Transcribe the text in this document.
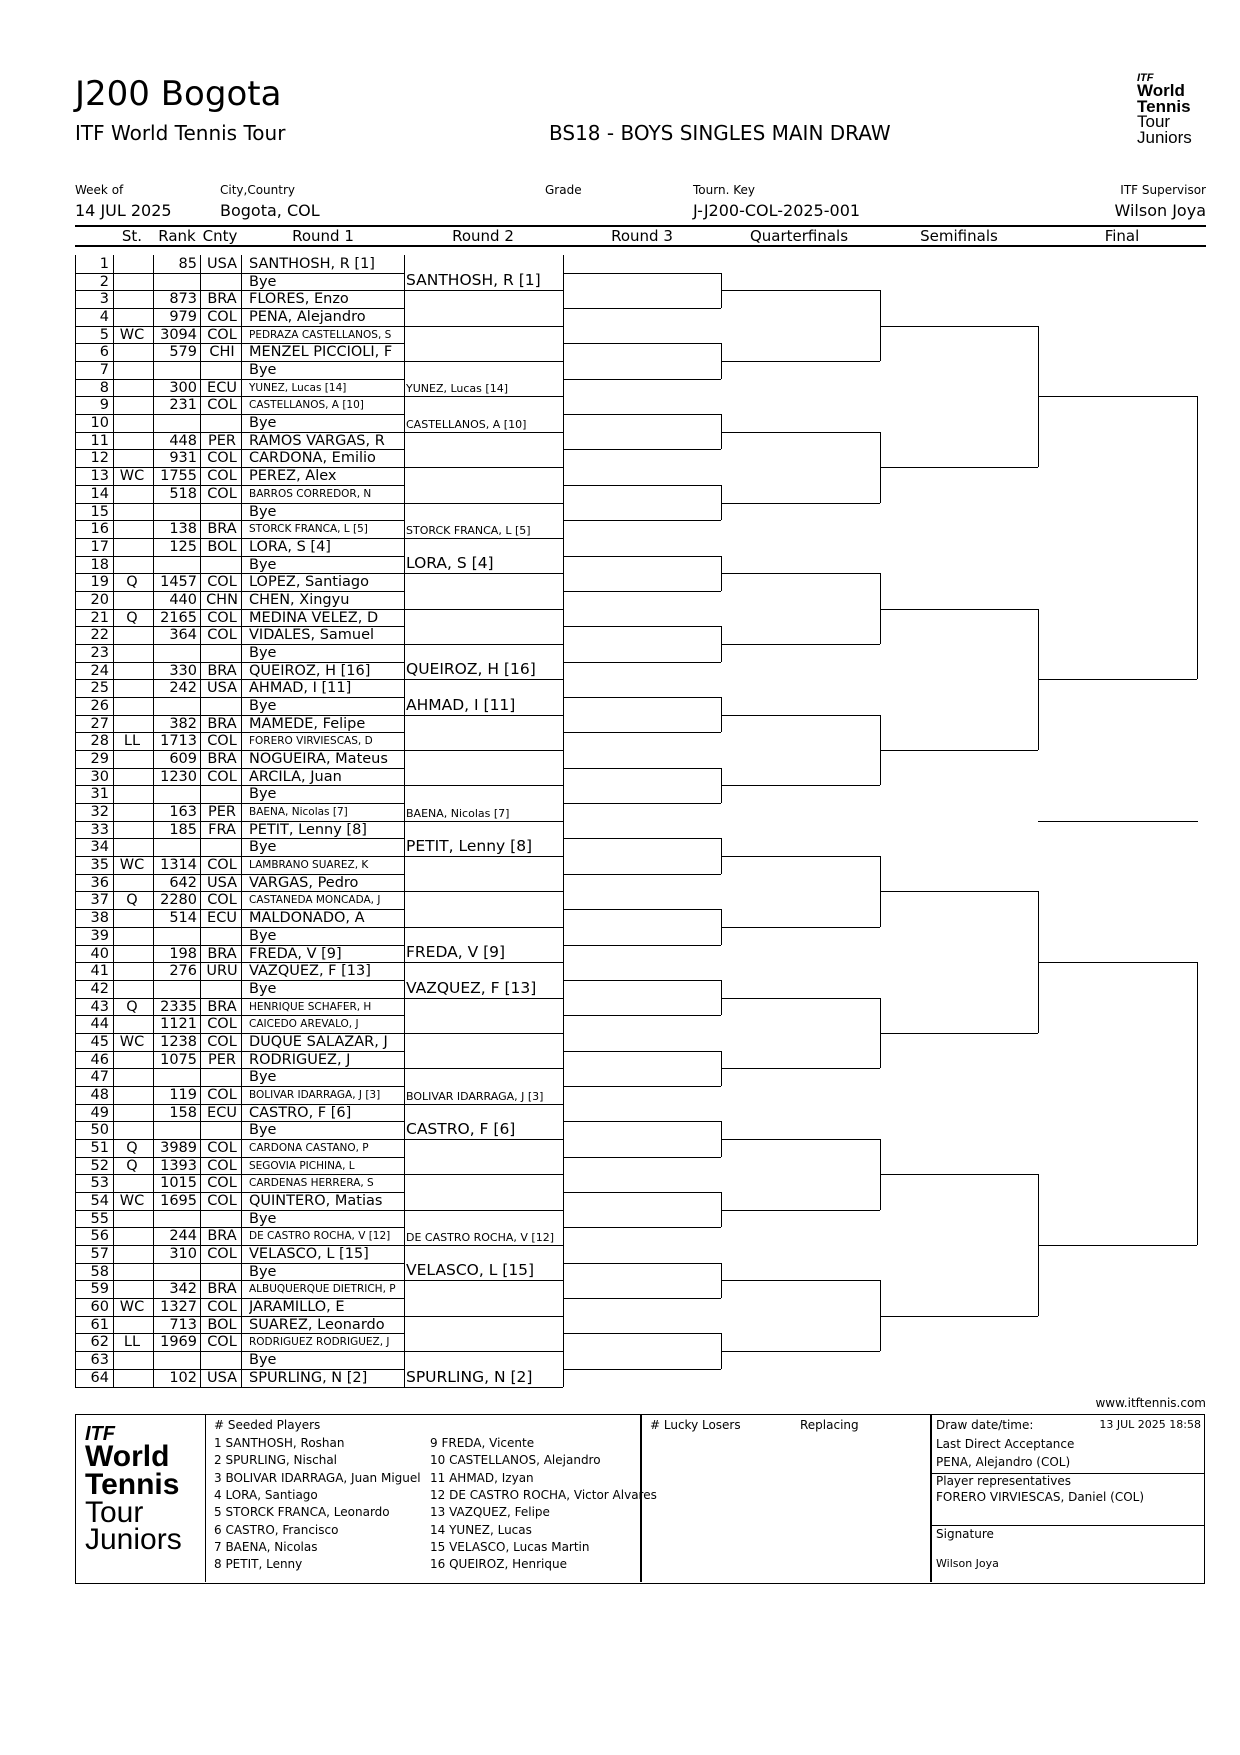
J200 Bogota
ITF World Tennis Tour	BS18 - BOYS SINGLES MAIN DRAW
ITF
World
Tennis
Tour
Juniors
Week of
14 JUL 2025
City,Country
Bogota, COL
Grade	Tourn. Key
J-J200-COL-2025-001
ITF Supervisor
Wilson Joya
St.	Rank Cnty	Round 1	Round 2	Round 3	Quarterfinals	Semifinals	Final
1	85 USA SANTHOSH, R [1]
2	Bye
3	873 BRA FLORES, Enzo
4	979 COL PENA, Alejandro
5 WC	3094 COL	PEDRAZA CASTELLANOS, S
6	579 CHI MENZEL PICCIOLI, F
7	Bye
8	300 ECU	YUNEZ, Lucas [14]
9	231 COL	CASTELLANOS, A [10]
10	Bye
11	448 PER RAMOS VARGAS, R
12	931 COL CARDONA, Emilio
13 WC	1755 COL PEREZ, Alex
14	518 COL	BARROS CORREDOR, N
15	Bye
16	138 BRA	STORCK FRANCA, L [5]
17	125 BOL LORA, S [4]
18	Bye
19	Q	1457 COL LOPEZ, Santiago
20	440 CHN CHEN, Xingyu
21	Q	2165 COL MEDINA VELEZ, D
22	364 COL VIDALES, Samuel
23	Bye
24	330 BRA QUEIROZ, H [16]
25	242 USA AHMAD, I [11]
26	Bye
27	382 BRA MAMEDE, Felipe
28	LL	1713 COL	FORERO VIRVIESCAS, D
29	609 BRA NOGUEIRA, Mateus
30	1230 COL ARCILA, Juan
31	Bye
32	163 PER	BAENA, Nicolas [7]
33	185 FRA PETIT, Lenny [8]
34	Bye
35 WC	1314 COL	LAMBRANO SUAREZ, K
36	642 USA VARGAS, Pedro
37	Q	2280 COL	CASTANEDA MONCADA, J
38	514 ECU MALDONADO, A
39	Bye
40	198 BRA FREDA, V [9]
41	276 URU VAZQUEZ, F [13]
42	Bye
43	Q	2335 BRA	HENRIQUE SCHAFER, H
44	1121 COL	CAICEDO AREVALO, J
45 WC	1238 COL DUQUE SALAZAR, J
46	1075 PER RODRIGUEZ, J
47	Bye
48	119 COL	BOLIVAR IDARRAGA, J [3]
49	158 ECU CASTRO, F [6]
50	Bye
51	Q	3989 COL	CARDONA CASTANO, P
52	Q	1393 COL	SEGOVIA PICHINA, L
53	1015 COL	CARDENAS HERRERA, S
54 WC	1695 COL QUINTERO, Matias
55	Bye
56	244 BRA	DE CASTRO ROCHA, V [12]
57	310 COL VELASCO, L [15]
58	Bye
59	342 BRA	ALBUQUERQUE DIETRICH, P
60 WC	1327 COL JARAMILLO, E
61	713 BOL SUAREZ, Leonardo
62	LL	1969 COL	RODRIGUEZ RODRIGUEZ, J
63	Bye
64	102 USA SPURLING, N [2]
SANTHOSH, R [1]
YUNEZ, Lucas [14]
CASTELLANOS, A [10]
STORCK FRANCA, L [5]
LORA, S [4]
QUEIROZ, H [16]
AHMAD, I [11]
BAENA, Nicolas [7]
PETIT, Lenny [8]
FREDA, V [9]
VAZQUEZ, F [13]
BOLIVAR IDARRAGA, J [3]
CASTRO, F [6]
DE CASTRO ROCHA, V [12]
VELASCO, L [15]
SPURLING, N [2]
www.itftennis.com
ITF
World
Tennis
Tour
Juniors
# Seeded Players
1 SANTHOSH, Roshan
2 SPURLING, Nischal
3 BOLIVAR IDARRAGA, Juan Miguel
4 LORA, Santiago
5 STORCK FRANCA, Leonardo
6 CASTRO, Francisco
7 BAENA, Nicolas
8 PETIT, Lenny
9 FREDA, Vicente
10 CASTELLANOS, Alejandro
11 AHMAD, Izyan
12 DE CASTRO ROCHA, Victor Alvares
13 VAZQUEZ, Felipe
14 YUNEZ, Lucas
15 VELASCO, Lucas Martin
16 QUEIROZ, Henrique
# Lucky Losers	Replacing	Draw date/time:	13 JUL 2025 18:58
Last Direct Acceptance
PENA, Alejandro (COL)
Player representatives
FORERO VIRVIESCAS, Daniel (COL)
Signature
Wilson Joya
